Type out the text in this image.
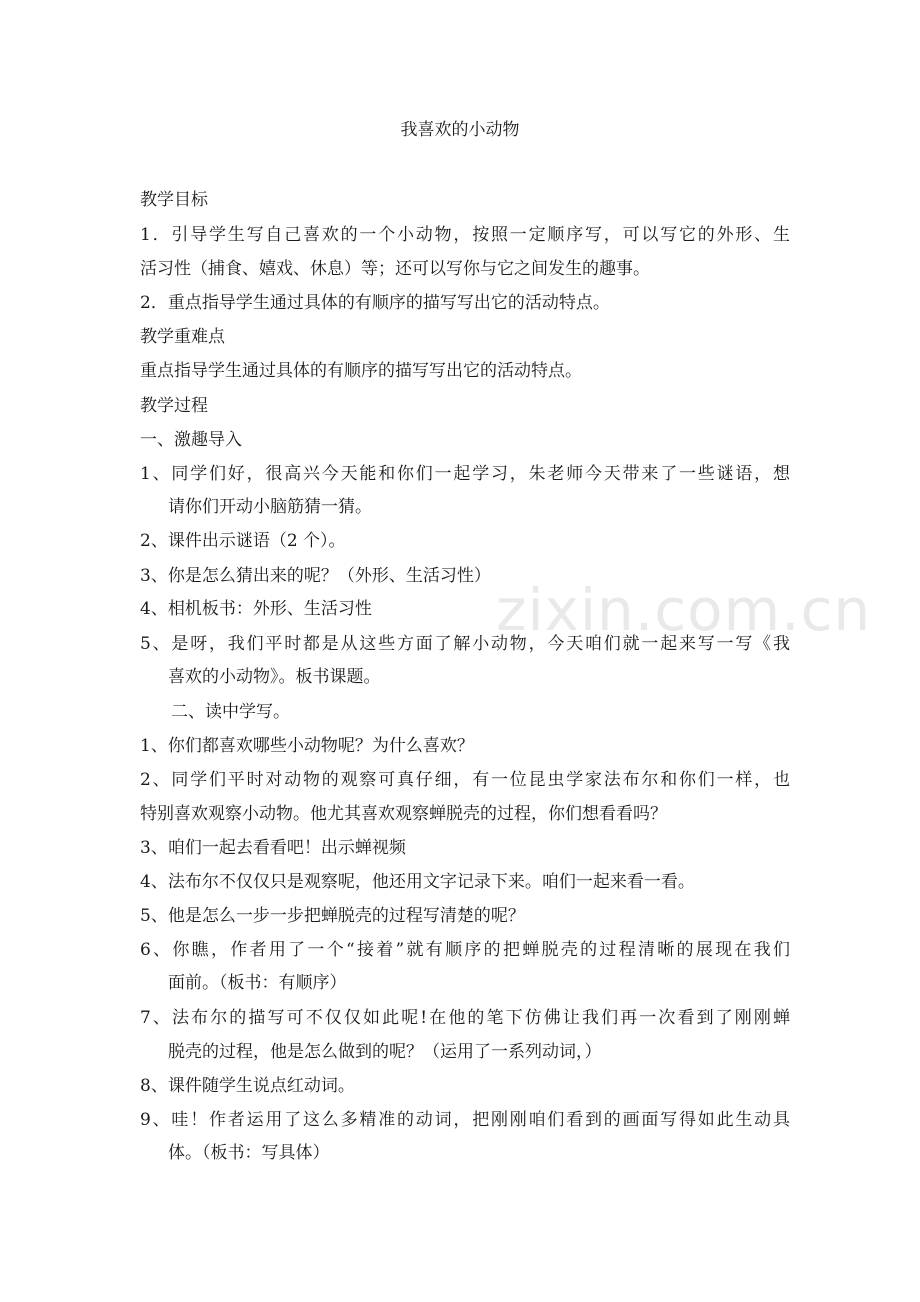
我喜欢的小动物
教学目标
1．引导学生写自己喜欢的一个小动物，按照一定顺序写，可以写它的外形、生
活习性（捕食、嬉戏、休息）等；还可以写你与它之间发生的趣事。
2．重点指导学生通过具体的有顺序的描写写出它的活动特点。
教学重难点
重点指导学生通过具体的有顺序的描写写出它的活动特点。
教学过程
一、激趣导入
1、同学们好，很高兴今天能和你们一起学习，朱老师今天带来了一些谜语，想
请你们开动小脑筋猜一猜。
2、课件出示谜语（2 个）。
3、你是怎么猜出来的呢？（外形、生活习性）
4、相机板书：外形、生活习性
5、是呀，我们平时都是从这些方面了解小动物，今天咱们就一起来写一写《我
喜欢的小动物》。板书课题。
二、读中学写。
1、你们都喜欢哪些小动物呢？为什么喜欢？
2、同学们平时对动物的观察可真仔细，有一位昆虫学家法布尔和你们一样，也
特别喜欢观察小动物。他尤其喜欢观察蝉脱壳的过程，你们想看看吗？
3、咱们一起去看看吧！出示蝉视频
4、法布尔不仅仅只是观察呢，他还用文字记录下来。咱们一起来看一看。
5、他是怎么一步一步把蝉脱壳的过程写清楚的呢？
6、你瞧，作者用了一个“接着”就有顺序的把蝉脱壳的过程清晰的展现在我们
面前。（板书：有顺序）
7、法布尔的描写可不仅仅如此呢!在他的笔下仿佛让我们再一次看到了刚刚蝉
脱壳的过程，他是怎么做到的呢？（运用了一系列动词，）
8、课件随学生说点红动词。
9、哇！作者运用了这么多精准的动词，把刚刚咱们看到的画面写得如此生动具
体。（板书：写具体）
zixin.com.cn
